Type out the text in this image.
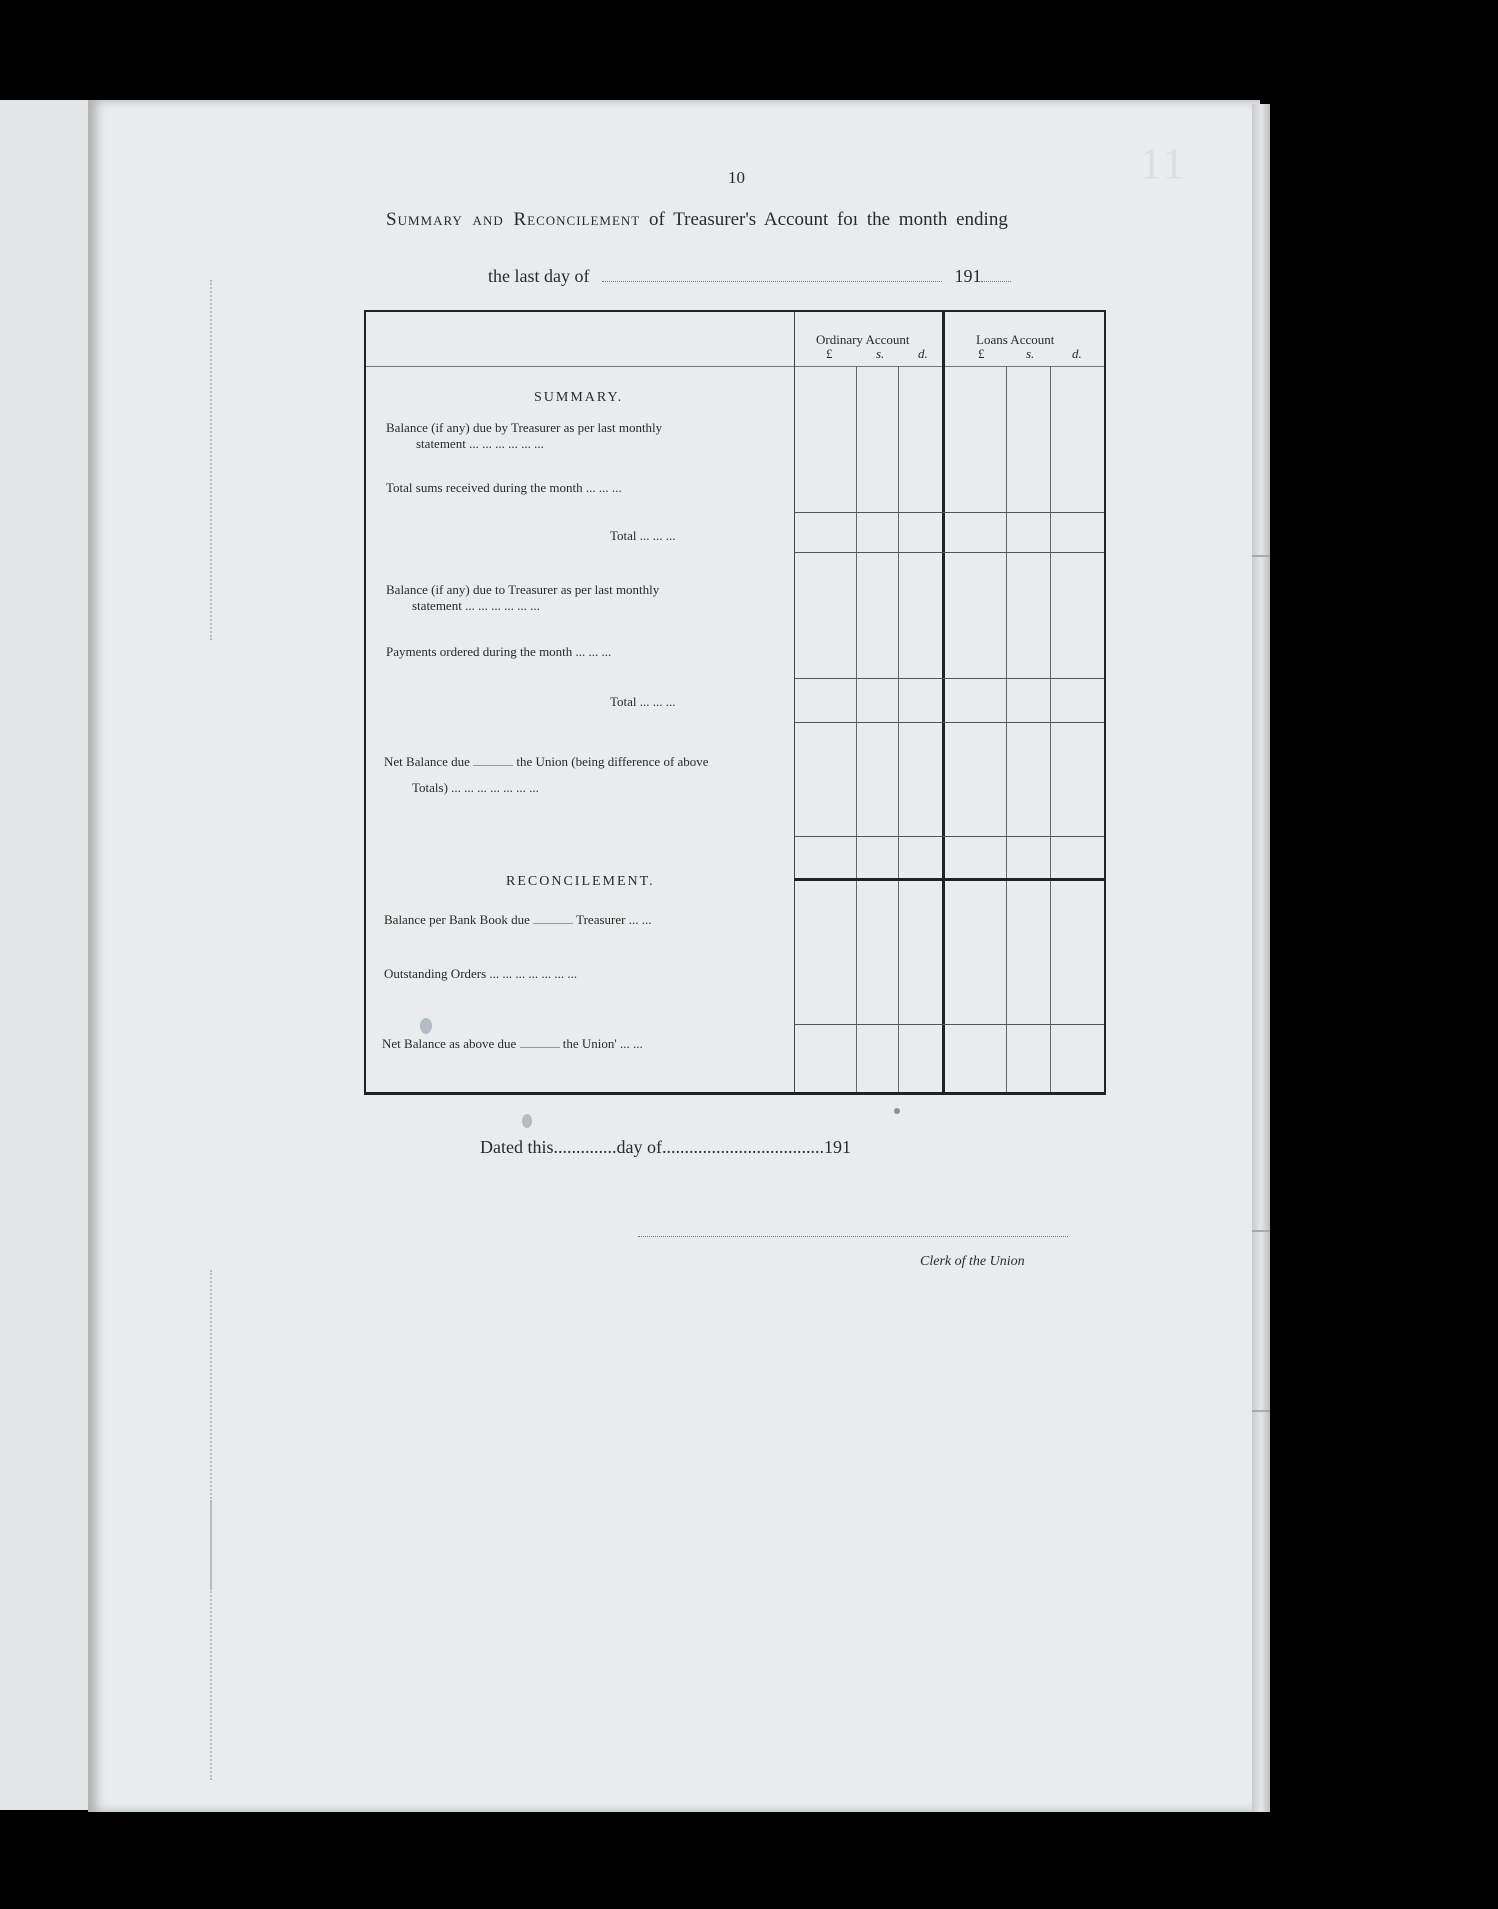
11
10
Summary and Reconcilement of Treasurer's Account foı the month ending
the last day of	191
Ordinary Account
£	s.	d.
Loans Account
£	s.	d.
SUMMARY.
Balance (if any) due by Treasurer as per last monthly
statement ... ... ... ... ... ...
Total sums received during the month ... ... ...
Total ... ... ...
Balance (if any) due to Treasurer as per last monthly
statement ... ... ... ... ... ...
Payments ordered during the month ... ... ...
Total ... ... ...
Net Balance due	the Union (being difference of above
Totals) ... ... ... ... ... ... ...
RECONCILEMENT.
Balance per Bank Book due	Treasurer ... ...
Outstanding Orders ... ... ... ... ... ... ...
Net Balance as above due	the Union' ... ...
Dated this..............day of....................................191
Clerk of the Union
